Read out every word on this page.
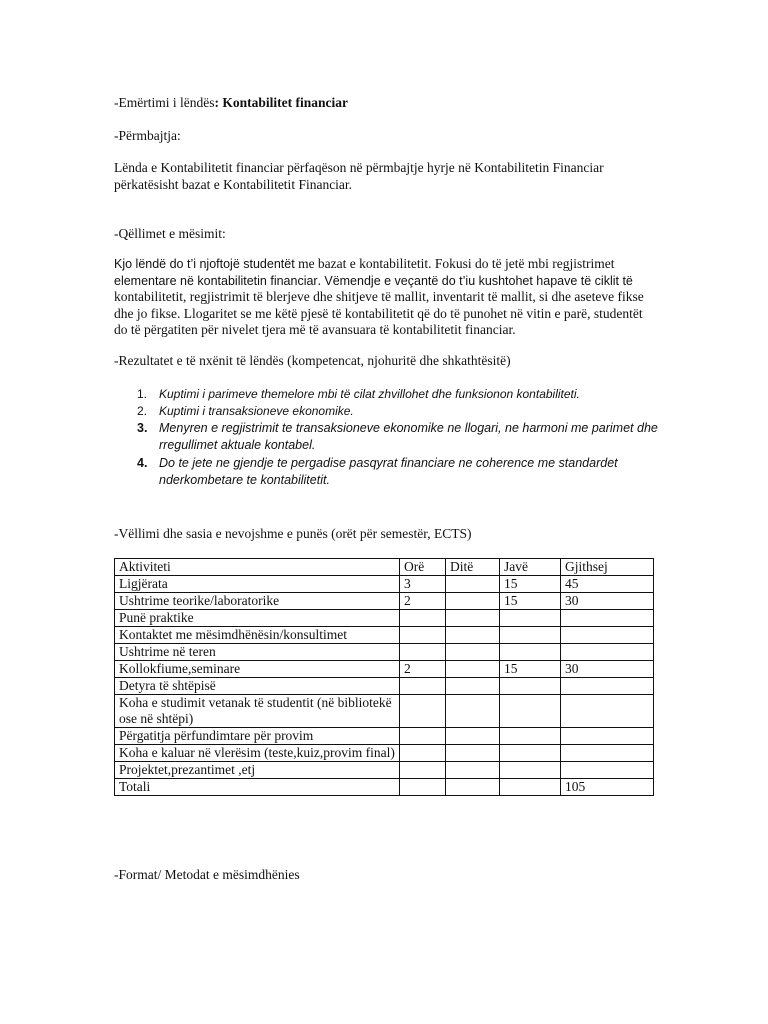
-Emërtimi i lëndës: Kontabilitet financiar
-Përmbajtja:
Lënda e Kontabilitetit financiar përfaqëson në përmbajtje hyrje në Kontabilitetin Financiar përkatësisht bazat e Kontabilitetit Financiar.
-Qëllimet e mësimit:
Kjo lëndë do t’i njoftojë studentët me bazat e kontabilitetit. Fokusi do të jetë mbi regjistrimet elementare në kontabilitetin financiar. Vëmendje e veçantë do t’iu kushtohet hapave të ciklit të kontabilitetit, regjistrimit të blerjeve dhe shitjeve të mallit, inventarit të mallit, si dhe aseteve fikse dhe jo fikse. Llogaritet se me këtë pjesë të kontabilitetit që do të punohet në vitin e parë, studentët do të përgatiten për nivelet tjera më të avansuara të kontabilitetit financiar.
-Rezultatet e të nxënit të lëndës (kompetencat, njohuritë dhe shkathtësitë)
1. Kuptimi i parimeve themelore mbi të cilat zhvillohet dhe funksionon kontabiliteti.
2. Kuptimi i transaksioneve ekonomike.
3. Menyren e regjistrimit te transaksioneve ekonomike ne llogari, ne harmoni me parimet dhe rregullimet aktuale kontabel.
4. Do te jete ne gjendje te pergadise pasqyrat financiare ne coherence me standardet nderkombetare te kontabilitetit.
-Vëllimi dhe sasia e nevojshme e punës (orët për semestër, ECTS)
Aktiviteti	Orë	Ditë	Javë	Gjithsej
Ligjërata	3		15	45
Ushtrime teorike/laboratorike	2		15	30
Punë praktike				
Kontaktet me mësimdhënësin/konsultimet				
Ushtrime në teren				
Kollokfiume,seminare	2		15	30
Detyra të shtëpisë				
Koha e studimit vetanak të studentit (në bibliotekë ose në shtëpi)				
Përgatitja përfundimtare për provim				
Koha e kaluar në vlerësim (teste,kuiz,provim final)				
Projektet,prezantimet ,etj				
Totali				105
-Format/ Metodat e mësimdhënies
